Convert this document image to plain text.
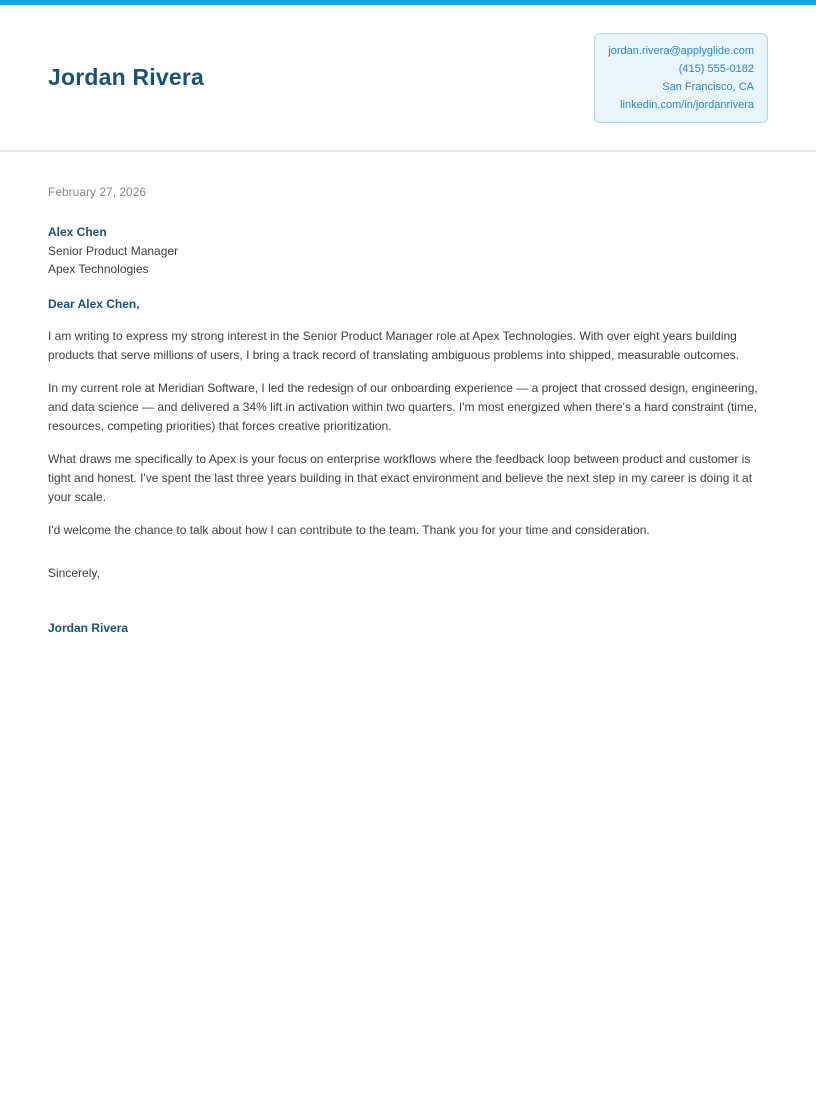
Jordan Rivera
jordan.rivera@applyglide.com
(415) 555-0182
San Francisco, CA
linkedin.com/in/jordanrivera

February 27, 2026

Alex Chen

Senior Product Manager

Apex Technologies

Dear Alex Chen,

I am writing to express my strong interest in the Senior Product Manager role at Apex Technologies. With over eight years building products that serve millions of users, I bring a track record of translating ambiguous problems into shipped, measurable outcomes.

In my current role at Meridian Software, I led the redesign of our onboarding experience — a project that crossed design, engineering, and data science — and delivered a 34% lift in activation within two quarters. I'm most energized when there's a hard constraint (time, resources, competing priorities) that forces creative prioritization.

What draws me specifically to Apex is your focus on enterprise workflows where the feedback loop between product and customer is tight and honest. I've spent the last three years building in that exact environment and believe the next step in my career is doing it at your scale.

I'd welcome the chance to talk about how I can contribute to the team. Thank you for your time and consideration.

Sincerely,

Jordan Rivera
